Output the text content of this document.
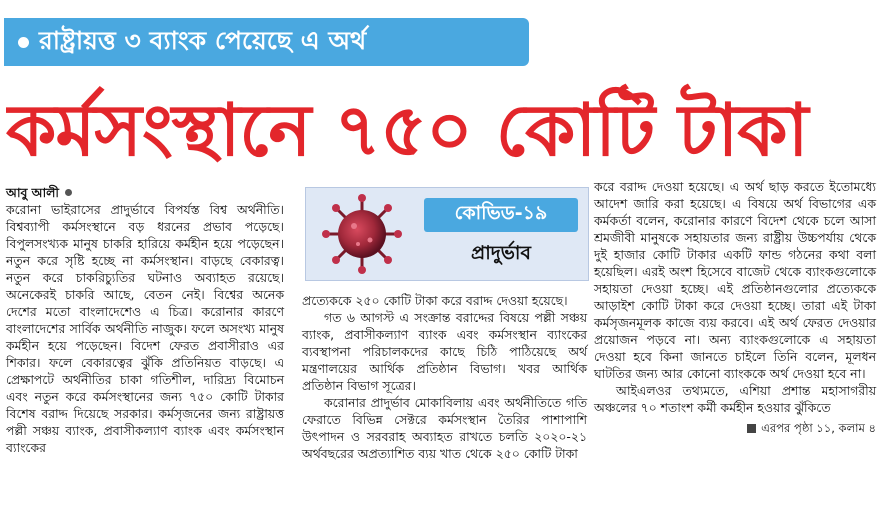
রাষ্ট্রায়ত্ত ৩ ব্যাংক পেয়েছে এ অর্থ
কর্মসংস্থানে ৭৫০ কোটি টাকা
আবু আলী

করোনা ভাইরাসের প্রাদুর্ভাবে বিপর্যস্ত বিশ্ব অর্থনীতি। বিশ্বব্যাপী কর্মসংস্থানে বড় ধরনের প্রভাব পড়েছে। বিপুলসংখ্যক মানুষ চাকরি হারিয়ে কর্মহীন হয়ে পড়েছেন। নতুন করে সৃষ্টি হচ্ছে না কর্মসংস্থান। বাড়ছে বেকারত্ব। নতুন করে চাকরিচ্যুতির ঘটনাও অব্যাহত রয়েছে। অনেকেরই চাকরি আছে, বেতন নেই। বিশ্বের অনেক দেশের মতো বাংলাদেশেও এ চিত্র। করোনার কারণে বাংলাদেশের সার্বিক অর্থনীতি নাজুক। ফলে অসংখ্য মানুষ কর্মহীন হয়ে পড়েছেন। বিদেশ ফেরত প্রবাসীরাও এর শিকার। ফলে বেকারত্বের ঝুঁকি প্রতিনিয়ত বাড়ছে। এ প্রেক্ষাপটে অর্থনীতির চাকা গতিশীল, দারিদ্র্য বিমোচন এবং নতুন করে কর্মসংস্থানের জন্য ৭৫০ কোটি টাকার বিশেষ বরাদ্দ দিয়েছে সরকার। কর্মসৃজনের জন্য রাষ্ট্রায়ত্ত পল্লী সঞ্চয় ব্যাংক, প্রবাসীকল্যাণ ব্যাংক এবং কর্মসংস্থান ব্যাংকের

কোভিড-১৯
প্রাদুর্ভাব

প্রত্যেককে ২৫০ কোটি টাকা করে বরাদ্দ দেওয়া হয়েছে।

গত ৬ আগস্ট এ সংক্রান্ত বরাদ্দের বিষয়ে পল্লী সঞ্চয় ব্যাংক, প্রবাসীকল্যাণ ব্যাংক এবং কর্মসংস্থান ব্যাংকের ব্যবস্থাপনা পরিচালকদের কাছে চিঠি পাঠিয়েছে অর্থ মন্ত্রণালয়ের আর্থিক প্রতিষ্ঠান বিভাগ। খবর আর্থিক প্রতিষ্ঠান বিভাগ সূত্রের।

করোনার প্রাদুর্ভাব মোকাবিলায় এবং অর্থনীতিতে গতি ফেরাতে বিভিন্ন সেক্টরে কর্মসংস্থান তৈরির পাশাপাশি উৎপাদন ও সরবরাহ অব্যাহত রাখতে চলতি ২০২০-২১ অর্থবছরের অপ্রত্যাশিত ব্যয় খাত থেকে ২৫০ কোটি টাকা

করে বরাদ্দ দেওয়া হয়েছে। এ অর্থ ছাড় করতে ইতোমধ্যে আদেশ জারি করা হয়েছে। এ বিষয়ে অর্থ বিভাগের এক কর্মকর্তা বলেন, করোনার কারণে বিদেশ থেকে চলে আসা শ্রমজীবী মানুষকে সহায়তার জন্য রাষ্ট্রীয় উচ্চপর্যায় থেকে দুই হাজার কোটি টাকার একটি ফান্ড গঠনের কথা বলা হয়েছিল। এরই অংশ হিসেবে বাজেট থেকে ব্যাংকগুলোকে সহায়তা দেওয়া হচ্ছে। এই প্রতিষ্ঠানগুলোর প্রত্যেককে আড়াইশ কোটি টাকা করে দেওয়া হচ্ছে। তারা এই টাকা কর্মসৃজনমূলক কাজে ব্যয় করবে। এই অর্থ ফেরত দেওয়ার প্রয়োজন পড়বে না। অন্য ব্যাংকগুলোকে এ সহায়তা দেওয়া হবে কিনা জানতে চাইলে তিনি বলেন, মূলধন ঘাটতির জন্য আর কোনো ব্যাংককে অর্থ দেওয়া হবে না।

আইএলওর তথ্যমতে, এশিয়া প্রশান্ত মহাসাগরীয় অঞ্চলের ৭০ শতাংশ কর্মী কর্মহীন হওয়ার ঝুঁকিতে

এরপর পৃষ্ঠা ১১, কলাম ৪
